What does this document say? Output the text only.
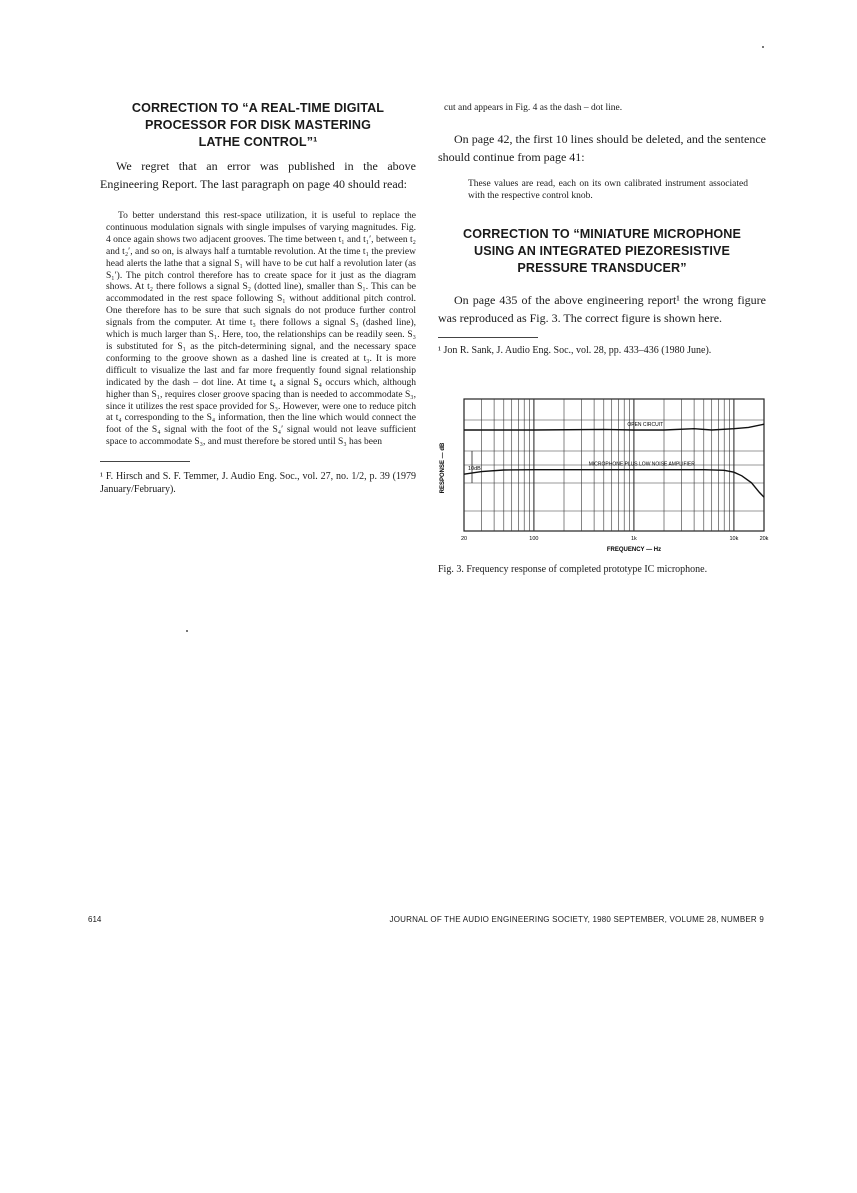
CORRECTION TO “A REAL-TIME DIGITAL
PROCESSOR FOR DISK MASTERING
LATHE CONTROL”¹

We regret that an error was published in the above Engineering Report. The last paragraph on page 40 should read:

To better understand this rest-space utilization, it is useful to replace the continuous modulation signals with single impulses of varying magnitudes. Fig. 4 once again shows two adjacent grooves. The time between t₁ and t₁′, between t₂ and t₂′, and so on, is always half a turntable revolution. At the time t₁ the preview head alerts the lathe that a signal S₁ will have to be cut half a revolution later (as S₁′). The pitch control therefore has to create space for it just as the diagram shows. At t₂ there follows a signal S₂ (dotted line), smaller than S₁. This can be accommodated in the rest space following S₁ without additional pitch control. One therefore has to be sure that such signals do not produce further control signals from the computer. At time t₃ there follows a signal S₃ (dashed line), which is much larger than S₁. Here, too, the relationships can be readily seen. S₃ is substituted for S₁ as the pitch-determining signal, and the necessary space conforming to the groove shown as a dashed line is created at t₃. It is more difficult to visualize the last and far more frequently found signal relationship indicated by the dash – dot line. At time t₄ a signal S₄ occurs which, although higher than S₁, requires closer groove spacing than is needed to accommodate S₃, since it utilizes the rest space provided for S₃. However, were one to reduce pitch at t₄ corresponding to the S₄ information, then the line which would connect the foot of the S₄ signal with the foot of the S₄′ signal would not leave sufficient space to accommodate S₃, and must therefore be stored until S₃ has been

¹ F. Hirsch and S. F. Temmer, J. Audio Eng. Soc., vol. 27, no. 1/2, p. 39 (1979 January/February).

cut and appears in Fig. 4 as the dash – dot line.

On page 42, the first 10 lines should be deleted, and the sentence should continue from page 41:

These values are read, each on its own calibrated instrument associated with the respective control knob.

CORRECTION TO “MINIATURE MICROPHONE
USING AN INTEGRATED PIEZORESISTIVE
PRESSURE TRANSDUCER”

On page 435 of the above engineering report¹ the wrong figure was reproduced as Fig. 3. The correct figure is shown here.

¹ Jon R. Sank, J. Audio Eng. Soc., vol. 28, pp. 433–436 (1980 June).

10dB
20	100	1k	10k	20k
OPEN CIRCUIT
MICROPHONE PLUS LOW NOISE AMPLIFIER
RESPONSE — dB
FREQUENCY — Hz

Fig. 3. Frequency response of completed prototype IC microphone.

614	JOURNAL OF THE AUDIO ENGINEERING SOCIETY, 1980 SEPTEMBER, VOLUME 28, NUMBER 9
